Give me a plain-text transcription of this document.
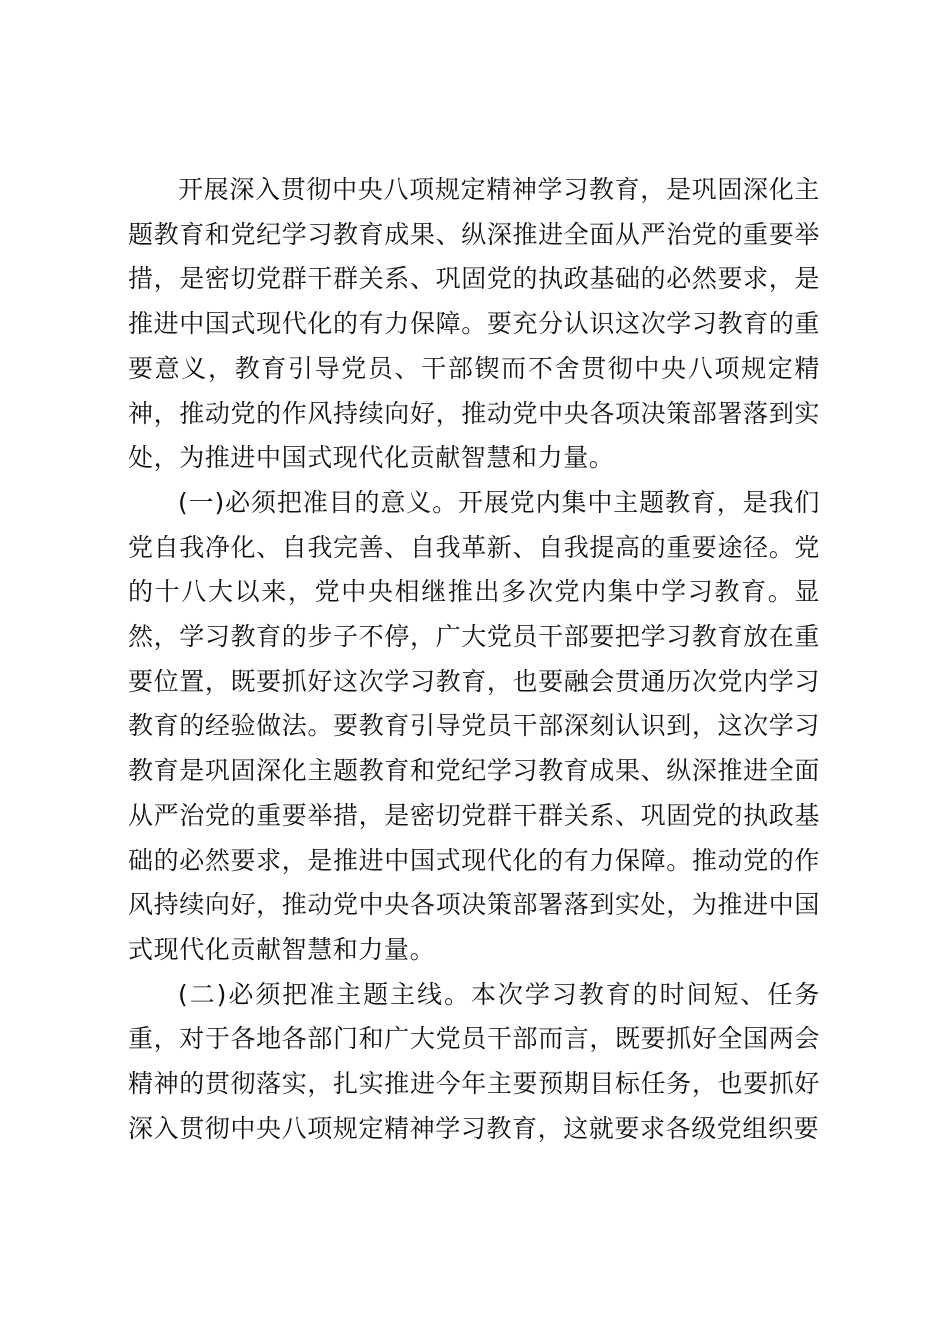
开展深入贯彻中央八项规定精神学习教育，是巩固深化主题教育和党纪学习教育成果、纵深推进全面从严治党的重要举措，是密切党群干群关系、巩固党的执政基础的必然要求，是推进中国式现代化的有力保障。要充分认识这次学习教育的重要意义，教育引导党员、干部锲而不舍贯彻中央八项规定精神，推动党的作风持续向好，推动党中央各项决策部署落到实处，为推进中国式现代化贡献智慧和力量。

(一)必须把准目的意义。开展党内集中主题教育，是我们党自我净化、自我完善、自我革新、自我提高的重要途径。党的十八大以来，党中央相继推出多次党内集中学习教育。显然，学习教育的步子不停，广大党员干部要把学习教育放在重要位置，既要抓好这次学习教育，也要融会贯通历次党内学习教育的经验做法。要教育引导党员干部深刻认识到，这次学习教育是巩固深化主题教育和党纪学习教育成果、纵深推进全面从严治党的重要举措，是密切党群干群关系、巩固党的执政基础的必然要求，是推进中国式现代化的有力保障。推动党的作风持续向好，推动党中央各项决策部署落到实处，为推进中国式现代化贡献智慧和力量。

(二)必须把准主题主线。本次学习教育的时间短、任务重，对于各地各部门和广大党员干部而言，既要抓好全国两会精神的贯彻落实，扎实推进今年主要预期目标任务，也要抓好深入贯彻中央八项规定精神学习教育，这就要求各级党组织要
